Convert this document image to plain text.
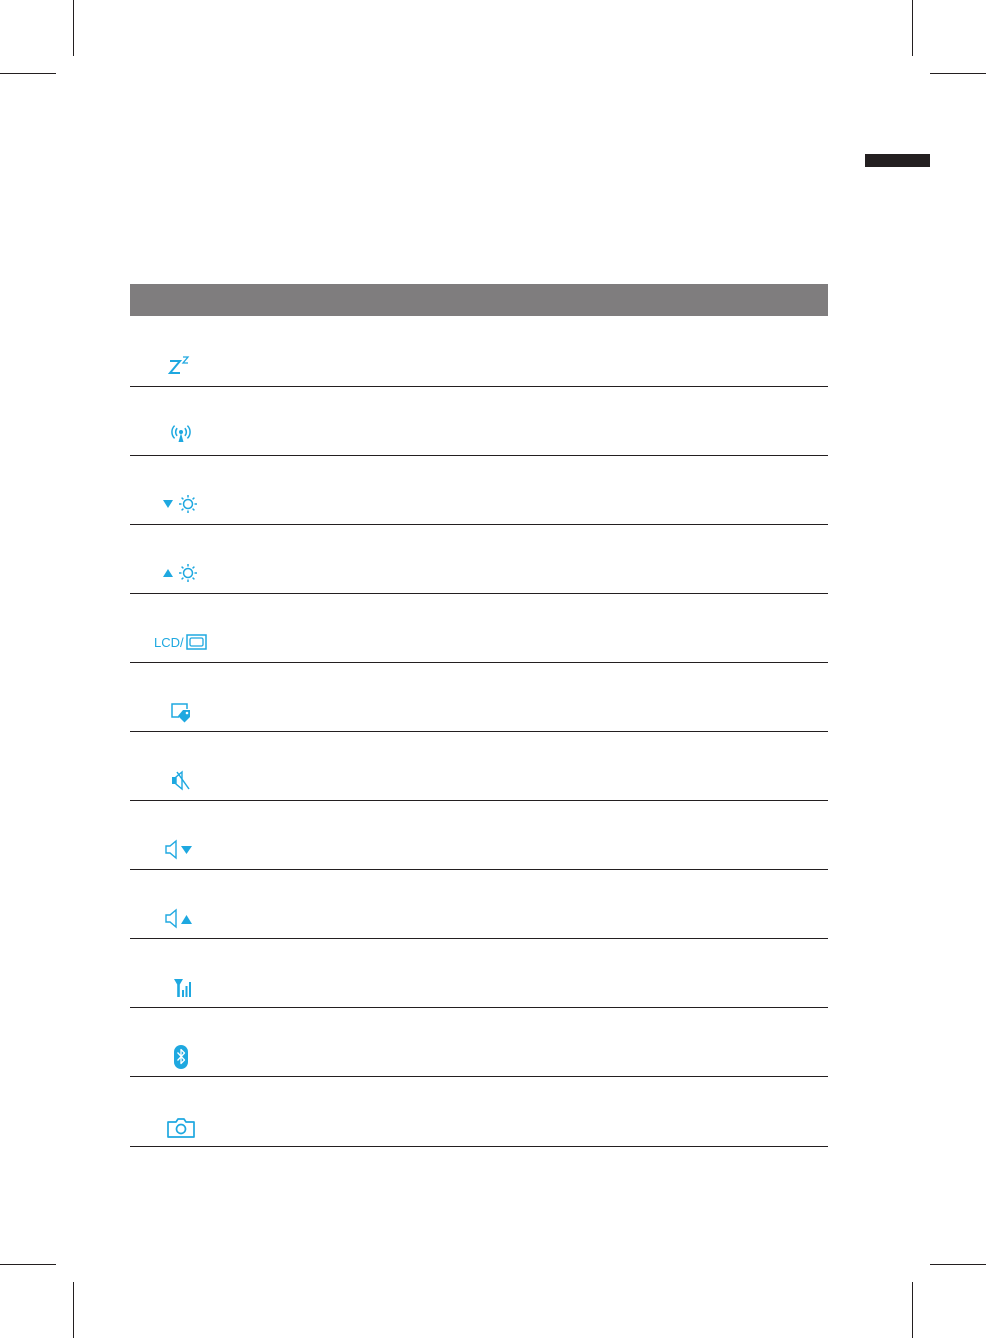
LCD/
